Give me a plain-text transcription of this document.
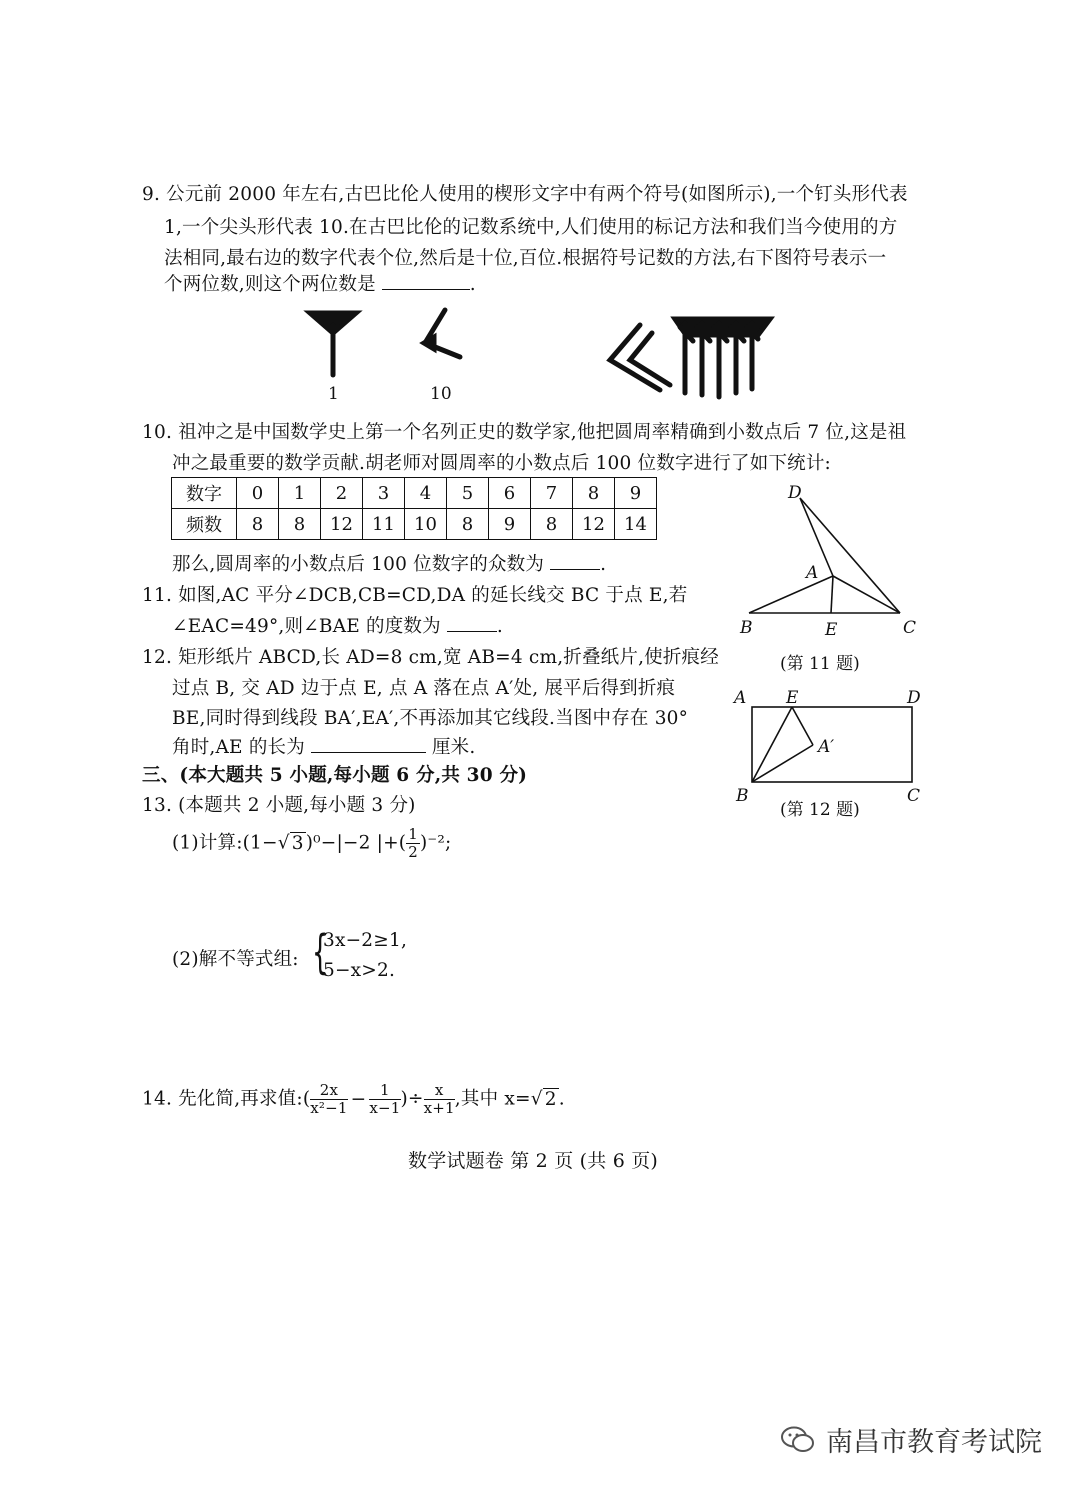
9. 公元前 2000 年左右,古巴比伦人使用的楔形文字中有两个符号(如图所示),一个钉头形代表
1,一个尖头形代表 10.在古巴比伦的记数系统中,人们使用的标记方法和我们当今使用的方
法相同,最右边的数字代表个位,然后是十位,百位.根据符号记数的方法,右下图符号表示一
个两位数,则这个两位数是	.
1	10
10. 祖冲之是中国数学史上第一个名列正史的数学家,他把圆周率精确到小数点后 7 位,这是祖
冲之最重要的数学贡献.胡老师对圆周率的小数点后 100 位数字进行了如下统计:
数字	0	1	2	3	4	5	6	7	8	9
频数	8	8	12	11	10	8	9	8	12	14
那么,圆周率的小数点后 100 位数字的众数为	.
11. 如图,AC 平分∠DCB,CB=CD,DA 的延长线交 BC 于点 E,若
∠EAC=49°,则∠BAE 的度数为	.
D
A
B	E	C
(第 11 题)
12. 矩形纸片 ABCD,长 AD=8 cm,宽 AB=4 cm,折叠纸片,使折痕经
过点 B, 交 AD 边于点 E, 点 A 落在点 A′处, 展平后得到折痕
BE,同时得到线段 BA′,EA′,不再添加其它线段.当图中存在 30°
角时,AE 的长为	厘米.
A E	D
A′
B	C
(第 12 题)
三、(本大题共 5 小题,每小题 6 分,共 30 分)
13. (本题共 2 小题,每小题 3 分)
(1)计算:(1−√ 3 )⁰−|−2 |+( $\frac{1}{2} )^{-2}$;
(2)解不等式组: {
3x−2≥1,
5−x>2.
14. 先化简,再求值:( $\frac{2x}{\text{x²−1}} - \frac{1}{x-1}$ )÷ $\frac{x}{x+1}$ ,其中 x=√ 2 .
数学试题卷 第 2 页 (共 6 页)
南昌市教育考试院
